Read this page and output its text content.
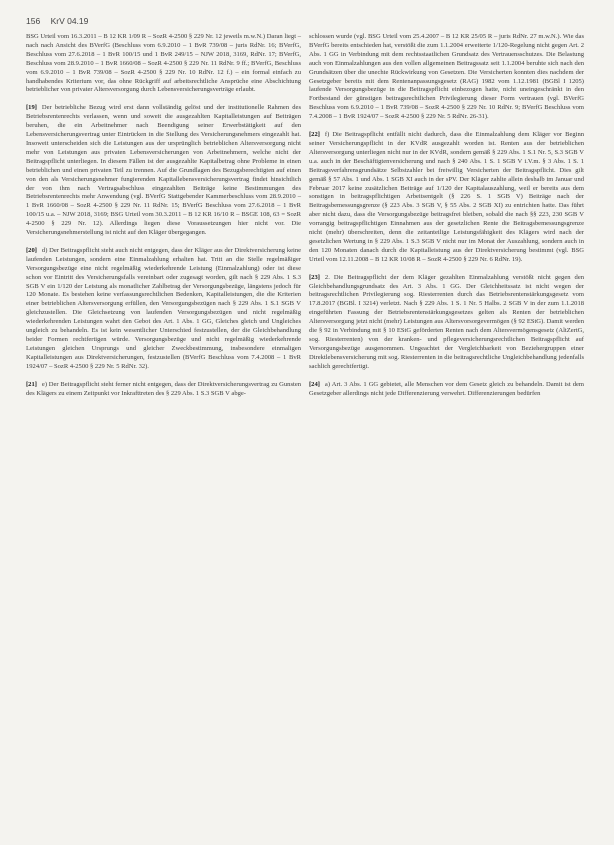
156 KrV 04.19

BSG Urteil vom 16.3.2011 – B 12 KR 1/09 R – SozR 4-2500 § 229 Nr. 12 jeweils m.w.N.) Daran liegt – nach nach Ansicht des BVerfG (Beschluss vom 6.9.2010 – 1 BvR 739/08 – juris RdNr. 16; BVerfG, Beschluss vom 27.6.2018 – 1 BvR 100/15 und 1 BvR 249/15 – NJW 2018, 3169, RdNr. 17; BVerfG, Beschluss vom 28.9.2010 – 1 BvR 1660/08 – SozR 4-2500 § 229 Nr. 11 RdNr. 9 ff.; BVerfG, Beschluss vom 6.9.2010 – 1 BvR 739/08 – SozR 4-2500 § 229 Nr. 10 RdNr. 12 f.) – ein formal einfach zu handhabendes Kriterium vor, das ohne Rückgriff auf arbeitsrechtliche Ansprüche eine Abschichtung betrieblicher von privater Altersversorgung durch Lebensversicherungsverträge erlaubt.

[19] Der betriebliche Bezug wird erst dann vollständig gelöst und der institutionelle Rahmen des Betriebsrentenrechts verlassen, wenn und soweit die ausgezahlten Kapitalleistungen auf Beiträgen beruhen, die ein Arbeitnehmer nach Beendigung seiner Erwerbstätigkeit auf den Lebensversicherungsvertrag unter Eintrücken in die Stellung des Versicherungsnehmers eingezahlt hat. Insoweit unterscheiden sich die Leistungen aus der ursprünglich betrieblichen Altersversorgung nicht mehr von Leistungen aus privaten Lebensversicherungen von Arbeitnehmern, welche nicht der Beitragspflicht unterliegen. In diesem Fällen ist der ausgezahlte Kapitalbetrag ohne Probleme in einen betrieblichen und einen privaten Teil zu trennen. Auf die Grundlagen des Bezugsberechtigten auf einen von den als Versicherungsnehmer fungierenden Kapitallebensversicherungsvertrag findet hinsichtlich der von ihm nach Vertragsabschluss eingezahlten Beiträge keine Bestimmungen des Betriebsrentenrechts mehr Anwendung (vgl. BVerfG Stattgebender Kammerbeschluss vom 28.9.2010 – 1 BvR 1660/08 – SozR 4-2500 § 229 Nr. 11 RdNr. 15; BVerfG Beschluss vom 27.6.2018 – 1 BvR 100/15 u.a. – NJW 2018, 3169; BSG Urteil vom 30.3.2011 – B 12 KR 16/10 R – BSGE 108, 63 = SozR 4-2500 § 229 Nr. 12). Allerdings liegen diese Voraussetzungen hier nicht vor. Die Versicherungsnehmerstellung ist nicht auf den Kläger übergegangen.

[20] d) Der Beitragspflicht steht auch nicht entgegen, dass der Kläger aus der Direktversicherung keine laufenden Leistungen, sondern eine Einmalzahlung erhalten hat. Tritt an die Stelle regelmäßiger Versorgungsbezüge eine nicht regelmäßig wiederkehrende Leistung (Einmalzahlung) oder ist diese schon vor Eintritt des Versicherungsfalls vereinbart oder zugesagt worden, gilt nach § 229 Abs. 1 S.3 SGB V ein 1/120 der Leistung als monatlicher Zahlbetrag der Versorgungsbezüge, längstens jedoch für 120 Monate. Es bestehen keine verfassungsrechtlichen Bedenken, Kapitalleistungen, die die Kriterien einer betrieblichen Altersversorgung erfüllen, den Versorgungsbezügen nach § 229 Abs. 1 S.1 SGB V gleichzustellen. Die Gleichsetzung von laufenden Versorgungsbezügen und nicht regelmäßig wiederkehrenden Leistungen wahrt den Gebot des Art. 1 Abs. 1 GG, Gleiches gleich und Ungleiches ungleich zu behandeln. Es ist kein wesentlicher Unterschied festzustellen, der die Gleichbehandlung beider Formen rechtfertigen würde. Versorgungsbezüge und nicht regelmäßig wiederkehrende Leistungen gleichen Ursprungs und gleicher Zweckbestimmung, insbesondere einmaligen Kapitalleistungen aus Direktversicherungen, festzustellen (BVerfG Beschluss vom 7.4.2008 – 1 BvR 1924/07 – SozR 4-2500 § 229 Nr. 5 RdNr. 32).

[21] e) Der Beitragspflicht steht ferner nicht entgegen, dass der Direktversicherungsvertrag zu Gunsten des Klägers zu einem Zeitpunkt vor Inkrafttreten des § 229 Abs. 1 S.3 SGB V abge-

schlossen wurde (vgl. BSG Urteil vom 25.4.2007 – B 12 KR 25/05 R – juris RdNr. 27 m.w.N.). Wie das BVerfG bereits entschieden hat, verstößt die zum 1.1.2004 erweiterte 1/120-Regelung nicht gegen Art. 2 Abs. 1 GG in Verbindung mit dem rechtsstaatlichen Grundsatz des Vertrauensschutzes. Die Belastung auch von Einmalzahlungen aus den vollen allgemeinen Beitragssatz seit 1.1.2004 beruhte sich nach den Grundsätzen über die unechte Rückwirkung von Gesetzen. Die Versicherten konnten dies nachdem der Gesetzgeber bereits mit dem Rentenanpassungsgesetz (RAG) 1982 vom 1.12.1981 (BGBl I 1205) laufende Versorgungsbezüge in die Beitragspflicht einbezogen hatte, nicht uneingeschränkt in den Fortbestand der günstigen beitragsrechtlichen Privilegierung dieser Form vertrauen (vgl. BVerfG Beschluss vom 6.9.2010 – 1 BvR 739/08 – SozR 4-2500 § 229 Nr. 10 RdNr. 9; BVerfG Beschluss vom 7.4.2008 – 1 BvR 1924/07 – SozR 4-2500 § 229 Nr. 5 RdNr. 26-31).

[22] f) Die Beitragspflicht entfällt nicht dadurch, dass die Einmalzahlung dem Kläger vor Beginn seiner Versicherungspflicht in der KVdR ausgezahlt worden ist. Renten aus der betrieblichen Altersversorgung unterliegen nicht nur in der KVdR, sondern gemäß § 229 Abs. 1 S.1 Nr. 5, S.3 SGB V u.a. auch in der Beschäftigtenversicherung und nach § 240 Abs. 1 S. 1 SGB V i.V.m. § 3 Abs. 1 S. 1 Beitragsverfahrensgrundsätze Selbstzahler bei freiwillig Versicherten der Beitragspflicht. Dies gilt gemäß § 57 Abs. 1 und Abs. 1 SGB XI auch in der sPV. Der Kläger zahlte allein deshalb im Januar und Februar 2017 keine zusätzlichen Beiträge auf 1/120 der Kapitalauszahlung, weil er bereits aus dem sonstigen in beitragspflichtigen Arbeitsentgelt (§ 226 S. 1 SGB V) Beiträge nach der Beitragsbemessungsgrenze (§ 223 Abs. 3 SGB V, § 55 Abs. 2 SGB XI) zu entrichten hatte. Das führt aber nicht dazu, dass die Versorgungsbezüge beitragsfrei bleiben, sobald die nach §§ 223, 230 SGB V vorrangig beitragspflichtigen Einnahmen aus der gesetzlichen Rente die Beitragsbemessungsgrenze nicht (mehr) überschreiten, denn die zeitanteilige Leistungsfähigkeit des Klägers wird nach der gesetzlichen Wertung in § 229 Abs. 1 S.3 SGB V nicht nur im Monat der Auszahlung, sondern auch in den 120 Monaten danach durch die Kapitalleistung aus der Direktversicherung bestimmt (vgl. BSG Urteil vom 12.11.2008 – B 12 KR 10/08 R – SozR 4-2500 § 229 Nr. 6 RdNr. 19).

[23] 2. Die Beitragspflicht der dem Kläger gezahlten Einmalzahlung verstößt nicht gegen den Gleichbehandlungsgrundsatz des Art. 3 Abs. 1 GG. Der Gleichheitssatz ist nicht wegen der beitragsrechtlichen Privilegierung sog. Riesterrenten durch das Betriebsrentenstärkungsgesetz vom 17.8.2017 (BGBl. I 3214) verletzt. Nach § 229 Abs. 1 S. 1 Nr. 5 Halbs. 2 SGB V in der zum 1.1.2018 eingeführten Fassung der Betriebsrentenstärkungsgesetzes gelten als Renten der betrieblichen Altersversorgung jetzt nicht (mehr) Leistungen aus Altersvorsorgevermögen (§ 92 EStG). Damit werden die § 92 in Verbindung mit § 10 EStG geförderten Renten nach dem Altersvermögensgesetz (AltZertG, sog. Riesterrenten) von der kranken- und pflegeversicherungsrechtlichen Beitragspflicht auf Versorgungsbezüge ausgenommen. Ungeachtet der Vergleichbarkeit von Beziehergruppen einer Direktlebensversicherung mit sog. Riesterrenten in die beitragsrechtliche Ungleichbehandlung jedenfalls sachlich gerechtfertigt.

[24] a) Art. 3 Abs. 1 GG gebietet, alle Menschen vor dem Gesetz gleich zu behandeln. Damit ist dem Gesetzgeber allerdings nicht jede Differenzierung verwehrt. Differenzierungen bedürfen
